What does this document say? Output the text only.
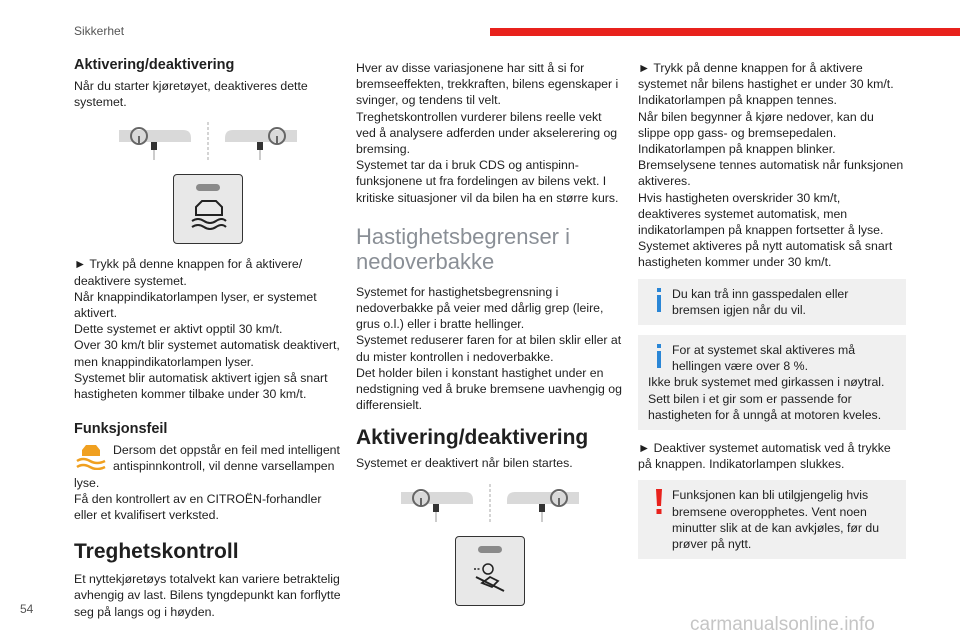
Sikkerhet
Aktivering/deaktivering

Når du starter kjøretøyet, deaktiveres dette systemet.

► Trykk på denne knappen for å aktivere/ deaktivere systemet.

Når knappindikatorlampen lyser, er systemet aktivert.

Dette systemet er aktivt opptil 30 km/t.

Over 30 km/t blir systemet automatisk deaktivert, men knappindikatorlampen lyser.

Systemet blir automatisk aktivert igjen så snart hastigheten kommer tilbake under 30 km/t.

Funksjonsfeil

Dersom det oppstår en feil med intelligent antispinnkontroll, vil denne varsellampen lyse.

Få den kontrollert av en CITROËN-forhandler eller et kvalifisert verksted.

Treghetskontroll

Et nyttekjøretøys totalvekt kan variere betraktelig avhengig av last. Bilens tyngdepunkt kan forflytte seg på langs og i høyden.

Hver av disse variasjonene har sitt å si for bremseeffekten, trekkraften, bilens egenskaper i svinger, og tendens til velt.

Treghetskontrollen vurderer bilens reelle vekt ved å analysere adferden under akselerering og bremsing.

Systemet tar da i bruk CDS og antispinn-funksjonene ut fra fordelingen av bilens vekt. I kritiske situasjoner vil da bilen ha en større kurs.

Hastighetsbegrenser i nedoverbakke

Systemet for hastighetsbegrensning i nedoverbakke på veier med dårlig grep (leire, grus o.l.) eller i bratte hellinger.

Systemet reduserer faren for at bilen sklir eller at du mister kontrollen i nedoverbakke.

Det holder bilen i konstant hastighet under en nedstigning ved å bruke bremsene uavhengig og differensielt.

Aktivering/deaktivering

Systemet er deaktivert når bilen startes.

► Trykk på denne knappen for å aktivere systemet når bilens hastighet er under 30 km/t.

Indikatorlampen på knappen tennes.

Når bilen begynner å kjøre nedover, kan du slippe opp gass- og bremsepedalen.

Indikatorlampen på knappen blinker.

Bremselysene tennes automatisk når funksjonen aktiveres.

Hvis hastigheten overskrider 30 km/t, deaktiveres systemet automatisk, men indikatorlampen på knappen fortsetter å lyse.

Systemet aktiveres på nytt automatisk så snart hastigheten kommer under 30 km/t.

Du kan trå inn gasspedalen eller bremsen igjen når du vil.

For at systemet skal aktiveres må hellingen være over 8 %.

Ikke bruk systemet med girkassen i nøytral. Sett bilen i et gir som er passende for hastigheten for å unngå at motoren kveles.

► Deaktiver systemet automatisk ved å trykke på knappen. Indikatorlampen slukkes.

Funksjonen kan bli utilgjengelig hvis bremsene overopphetes. Vent noen minutter slik at de kan avkjøles, før du prøver på nytt.

54
carmanualsonline.info
